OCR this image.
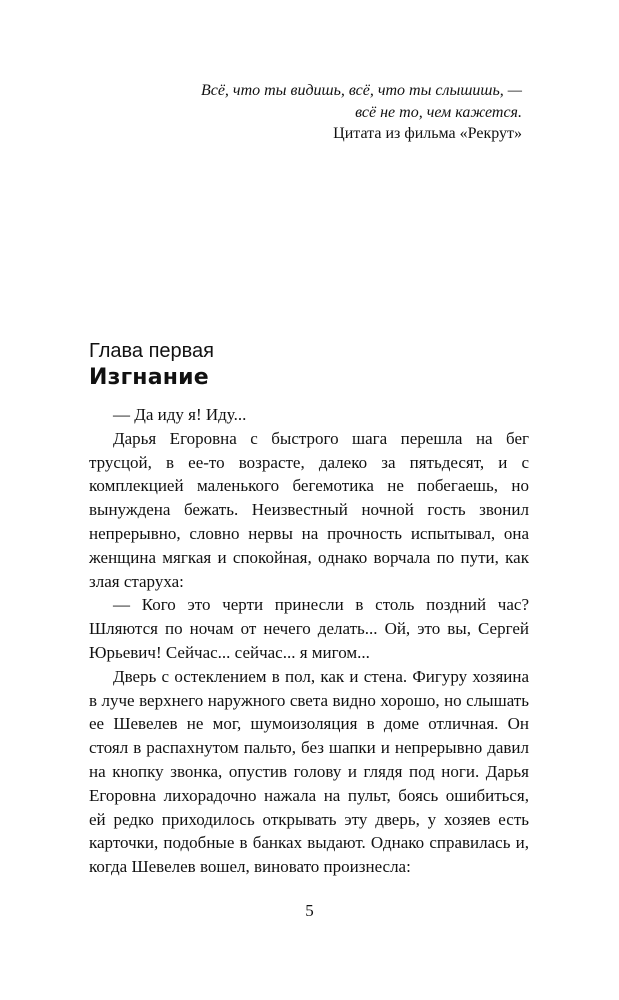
Всё, что ты видишь, всё, что ты слышишь, —
всё не то, чем кажется.
Цитата из фильма «Рекрут»
Глава первая
Изгнание

— Да иду я! Иду...

Дарья Егоровна с быстрого шага перешла на бег трусцой, в ее-то возрасте, далеко за пятьдесят, и с комплекцией маленького бегемотика не побегаешь, но вынуждена бежать. Неизвестный ночной гость звонил непрерывно, словно нервы на прочность испытывал, она женщина мягкая и спокойная, однако ворчала по пути, как злая старуха:

— Кого это черти принесли в столь поздний час? Шляются по ночам от нечего делать... Ой, это вы, Сергей Юрьевич! Сейчас... сейчас... я мигом...

Дверь с остеклением в пол, как и стена. Фигуру хозяина в луче верхнего наружного света видно хорошо, но слышать ее Шевелев не мог, шумоизоляция в доме отличная. Он стоял в распахнутом пальто, без шапки и непрерывно давил на кнопку звонка, опустив голову и глядя под ноги. Дарья Егоровна лихорадочно нажала на пульт, боясь ошибиться, ей редко приходилось открывать эту дверь, у хозяев есть карточки, подобные в банках выдают. Однако справилась и, когда Шевелев вошел, виновато произнесла:

5
